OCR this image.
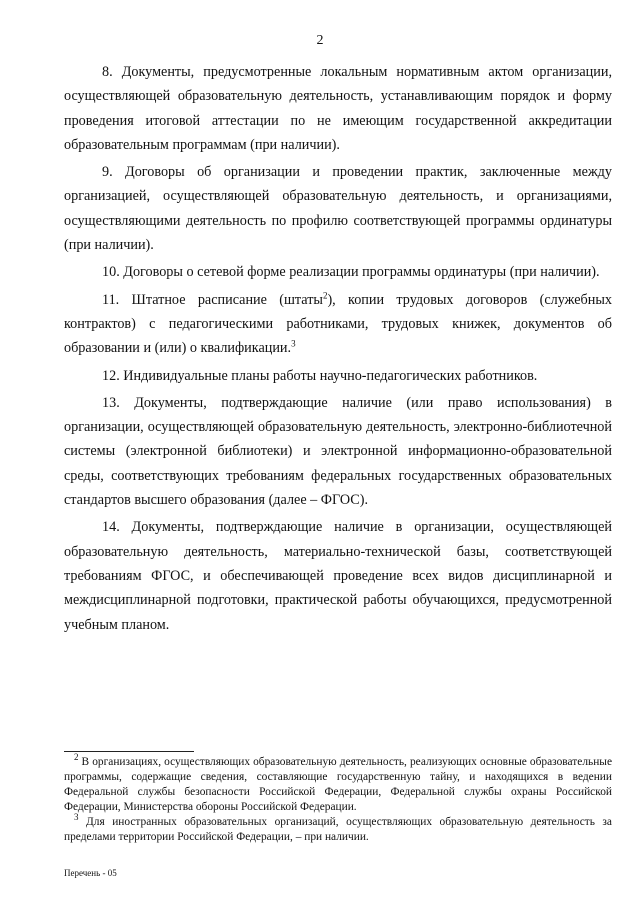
2

8. Документы, предусмотренные локальным нормативным актом организации, осуществляющей образовательную деятельность, устанавливающим порядок и форму проведения итоговой аттестации по не имеющим государственной аккредитации образовательным программам (при наличии).

9. Договоры об организации и проведении практик, заключенные между организацией, осуществляющей образовательную деятельность, и организациями, осуществляющими деятельность по профилю соответствующей программы ординатуры (при наличии).

10. Договоры о сетевой форме реализации программы ординатуры (при наличии).

11. Штатное расписание (штаты$^2$), копии трудовых договоров (служебных контрактов) с педагогическими работниками, трудовых книжек, документов об образовании и (или) о квалификации.$^3$

12. Индивидуальные планы работы научно-педагогических работников.

13. Документы, подтверждающие наличие (или право использования) в организации, осуществляющей образовательную деятельность, электронно-библиотечной системы (электронной библиотеки) и электронной информационно-образовательной среды, соответствующих требованиям федеральных государственных образовательных стандартов высшего образования (далее – ФГОС).

14. Документы, подтверждающие наличие в организации, осуществляющей образовательную деятельность, материально-технической базы, соответствующей требованиям ФГОС, и обеспечивающей проведение всех видов дисциплинарной и междисциплинарной подготовки, практической работы обучающихся, предусмотренной учебным планом.

$^2$ В организациях, осуществляющих образовательную деятельность, реализующих основные образовательные программы, содержащие сведения, составляющие государственную тайну, и находящихся в ведении Федеральной службы безопасности Российской Федерации, Федеральной службы охраны Российской Федерации, Министерства обороны Российской Федерации.

$^3$ Для иностранных образовательных организаций, осуществляющих образовательную деятельность за пределами территории Российской Федерации, – при наличии.

Перечень - 05
